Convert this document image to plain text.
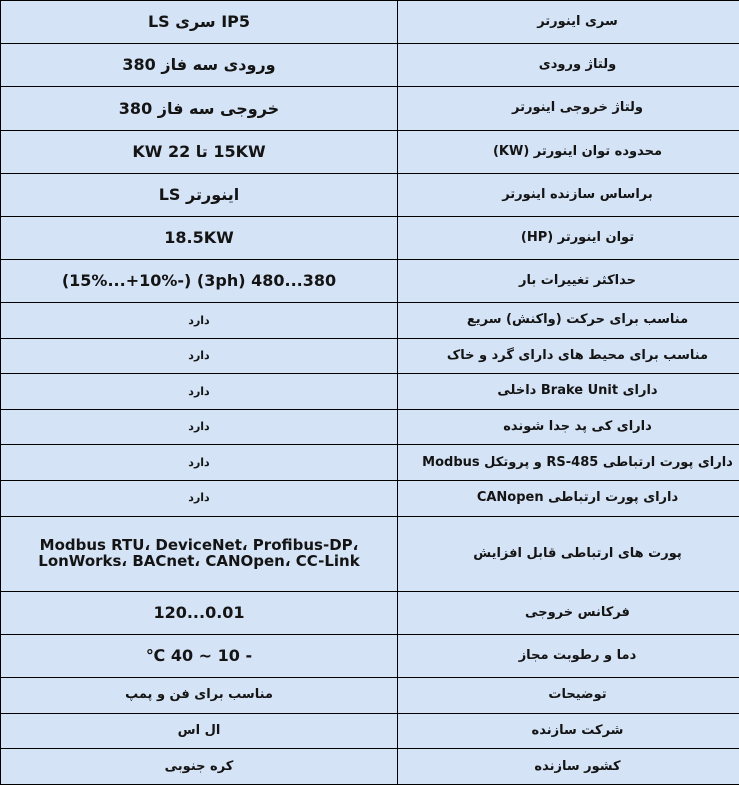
سری اینورتر	IP5 سری LS
ولتاژ ورودی	ورودی سه فاز 380
ولتاژ خروجی اینورتر	خروجی سه فاز 380
محدوده توان اینورتر (KW)	15KW تا 22 KW
براساس سازنده اینورتر	اینورتر LS
توان اینورتر (HP)	18.5KW
حداکثر تغییرات بار	380...480 (3ph) (-15%...+10%)
مناسب برای حرکت (واکنش) سریع	دارد
مناسب برای محیط های دارای گرد و خاک	دارد
دارای Brake Unit داخلی	دارد
دارای کی پد جدا شونده	دارد
دارای پورت ارتباطی RS-485 و پروتکل Modbus	دارد
دارای پورت ارتباطی CANopen	دارد
پورت های ارتباطی قابل افزایش	Modbus RTU، DeviceNet، Profibus-DP، LonWorks، BACnet، CANOpen، CC-Link
فرکانس خروجی	0.01...120
دما و رطوبت مجاز	- 10 ~ 40 ℃
توضیحات	مناسب برای فن و پمپ
شرکت سازنده	ال اس
کشور سازنده	کره جنوبی
